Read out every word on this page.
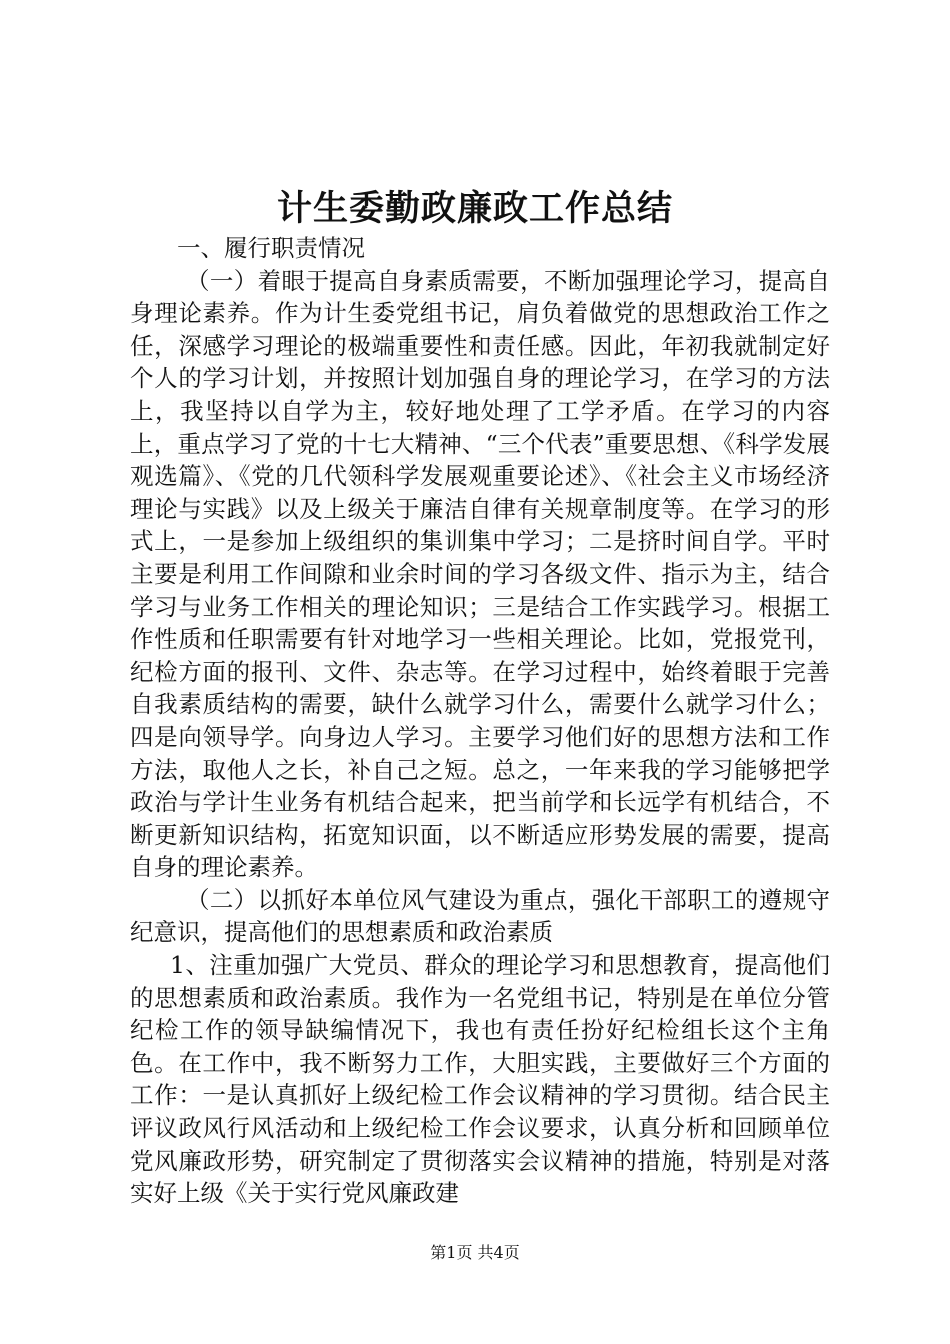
计生委勤政廉政工作总结

一、履行职责情况

（一）着眼于提高自身素质需要，不断加强理论学习，提高自身理论素养。作为计生委党组书记，肩负着做党的思想政治工作之任，深感学习理论的极端重要性和责任感。因此，年初我就制定好个人的学习计划，并按照计划加强自身的理论学习，在学习的方法上，我坚持以自学为主，较好地处理了工学矛盾。在学习的内容上，重点学习了党的十七大精神、“三个代表”重要思想、《科学发展观选篇》、《党的几代领科学发展观重要论述》、《社会主义市场经济理论与实践》以及上级关于廉洁自律有关规章制度等。在学习的形式上，一是参加上级组织的集训集中学习；二是挤时间自学。平时主要是利用工作间隙和业余时间的学习各级文件、指示为主，结合学习与业务工作相关的理论知识；三是结合工作实践学习。根据工作性质和任职需要有针对地学习一些相关理论。比如，党报党刊，纪检方面的报刊、文件、杂志等。在学习过程中，始终着眼于完善自我素质结构的需要，缺什么就学习什么，需要什么就学习什么；四是向领导学。向身边人学习。主要学习他们好的思想方法和工作方法，取他人之长，补自己之短。总之，一年来我的学习能够把学政治与学计生业务有机结合起来，把当前学和长远学有机结合，不断更新知识结构，拓宽知识面，以不断适应形势发展的需要，提高自身的理论素养。

（二）以抓好本单位风气建设为重点，强化干部职工的遵规守纪意识，提高他们的思想素质和政治素质

1、注重加强广大党员、群众的理论学习和思想教育，提高他们的思想素质和政治素质。我作为一名党组书记，特别是在单位分管纪检工作的领导缺编情况下，我也有责任扮好纪检组长这个主角色。在工作中，我不断努力工作，大胆实践，主要做好三个方面的工作：一是认真抓好上级纪检工作会议精神的学习贯彻。结合民主评议政风行风活动和上级纪检工作会议要求，认真分析和回顾单位党风廉政形势，研究制定了贯彻落实会议精神的措施，特别是对落实好上级《关于实行党风廉政建

第1页 共4页
